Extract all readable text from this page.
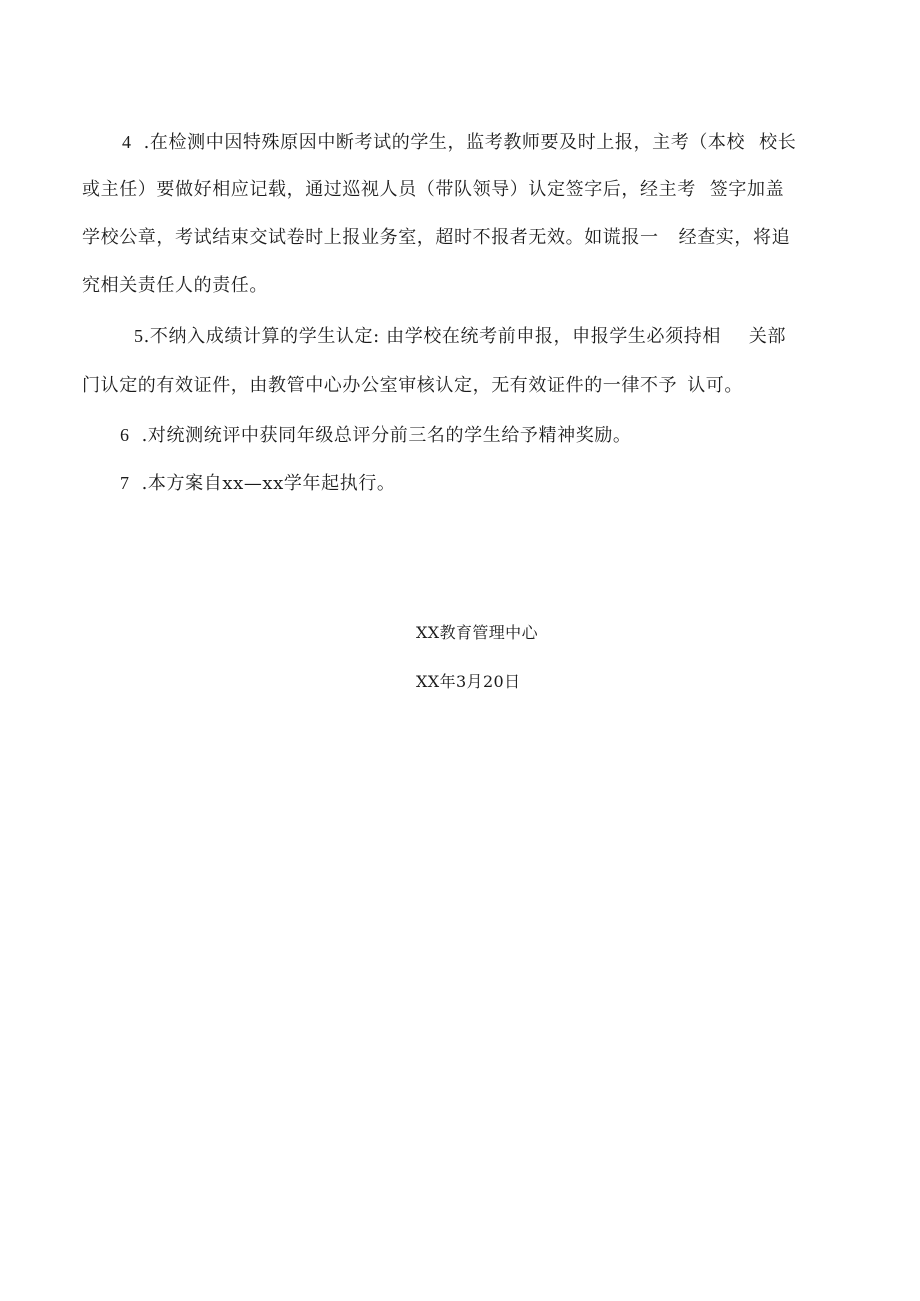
4 .在检测中因特殊原因中断考试的学生，监考教师要及时上报，主考（本校 校长
或主任）要做好相应记载，通过巡视人员（带队领导）认定签字后，经主考 签字加盖
学校公章，考试结束交试卷时上报业务室，超时不报者无效。如谎报一 经查实，将追
究相关责任人的责任。
5.不纳入成绩计算的学生认定: 由学校在统考前申报，申报学生必须持相 关部
门认定的有效证件，由教管中心办公室审核认定，无有效证件的一律不予 认可。
6 .对统测统评中获同年级总评分前三名的学生给予精神奖励。
7 .本方案自xx—xx学年起执行。
XX教育管理中心
XX年3月20日
